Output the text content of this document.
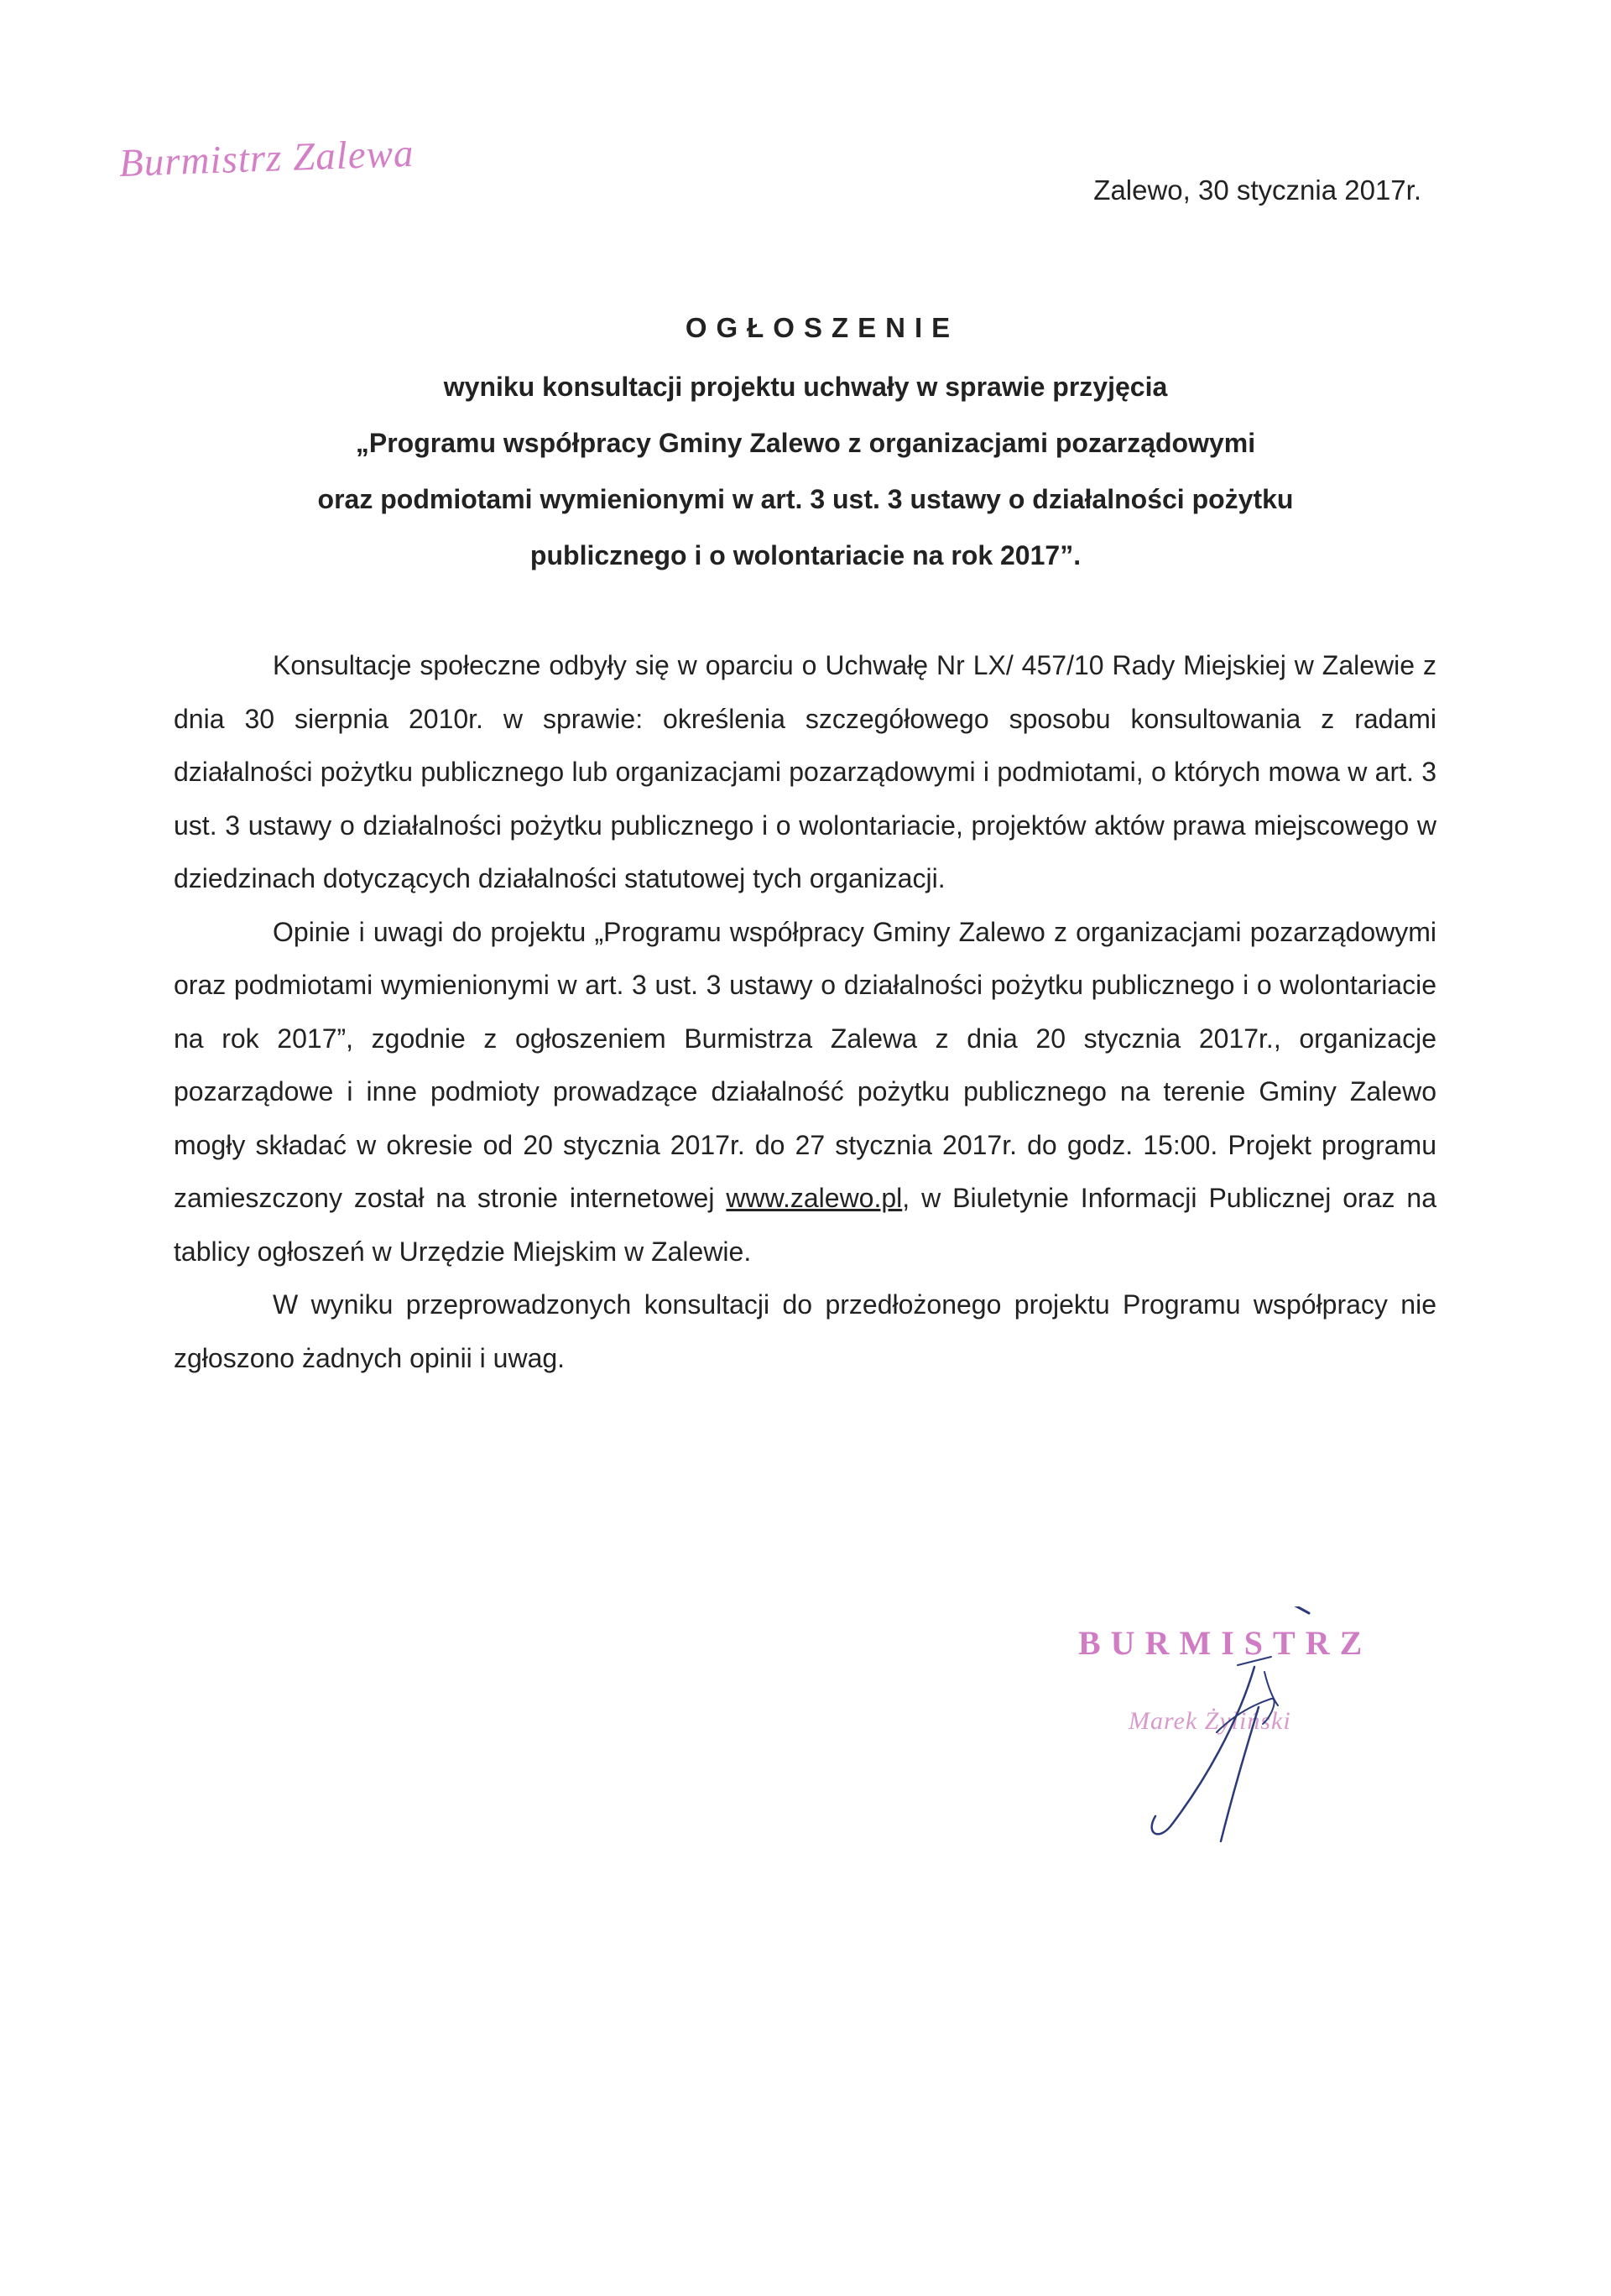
Burmistrz Zalewa
Zalewo, 30 stycznia 2017r.
OGŁOSZENIE
wyniku konsultacji projektu uchwały w sprawie przyjęcia
„Programu współpracy Gminy Zalewo z organizacjami pozarządowymi
oraz podmiotami wymienionymi w art. 3 ust. 3 ustawy o działalności pożytku
publicznego i o wolontariacie na rok 2017”.

Konsultacje społeczne odbyły się w oparciu o Uchwałę Nr LX/ 457/10 Rady Miejskiej w Zalewie z dnia 30 sierpnia 2010r. w sprawie: określenia szczegółowego sposobu konsultowania z radami działalności pożytku publicznego lub organizacjami pozarządowymi i podmiotami, o których mowa w art. 3 ust. 3 ustawy o działalności pożytku publicznego i o wolontariacie, projektów aktów prawa miejscowego w dziedzinach dotyczących działalności statutowej tych organizacji.

Opinie i uwagi do projektu „Programu współpracy Gminy Zalewo z organizacjami pozarządowymi oraz podmiotami wymienionymi w art. 3 ust. 3 ustawy o działalności pożytku publicznego i o wolontariacie na rok 2017”, zgodnie z ogłoszeniem Burmistrza Zalewa z dnia 20 stycznia 2017r., organizacje pozarządowe i inne podmioty prowadzące działalność pożytku publicznego na terenie Gminy Zalewo mogły składać w okresie od 20 stycznia 2017r. do 27 stycznia 2017r. do godz. 15:00. Projekt programu zamieszczony został na stronie internetowej www.zalewo.pl, w Biuletynie Informacji Publicznej oraz na tablicy ogłoszeń w Urzędzie Miejskim w Zalewie.

W wyniku przeprowadzonych konsultacji do przedłożonego projektu Programu współpracy nie zgłoszono żadnych opinii i uwag.

BURMISTRZ
Marek Żyliński
